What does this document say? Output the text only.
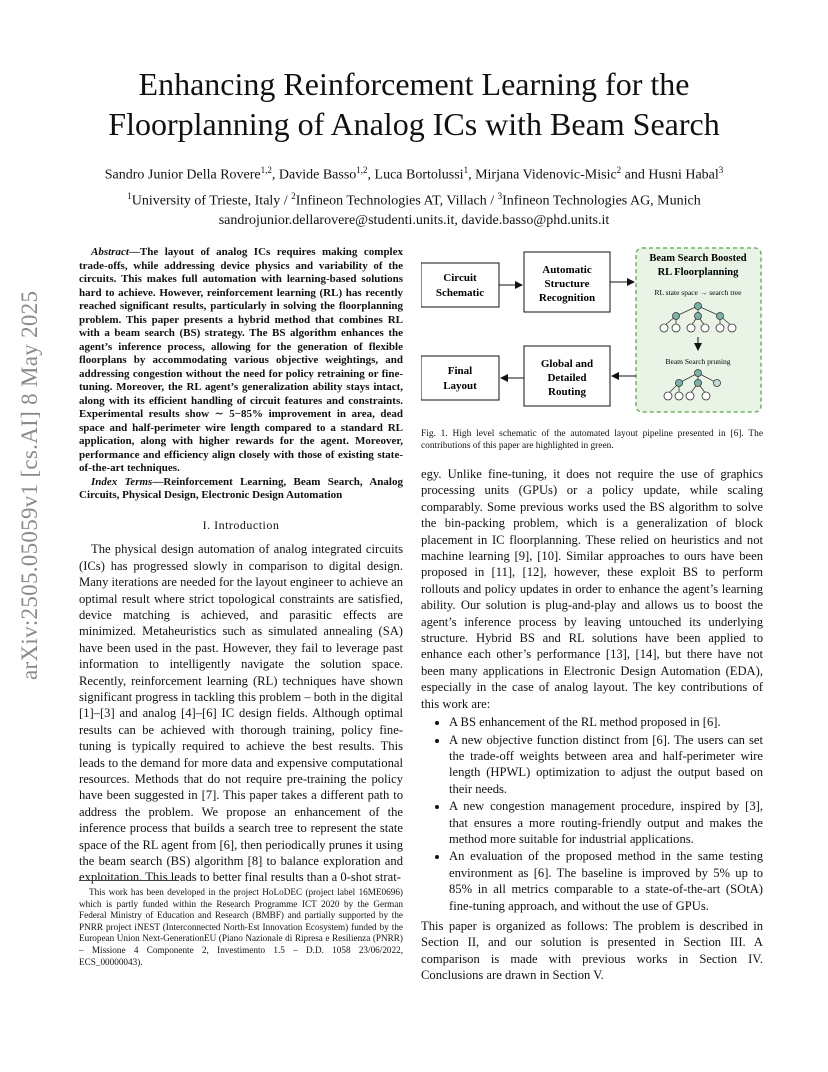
arXiv:2505.05059v1 [cs.AI] 8 May 2025
Enhancing Reinforcement Learning for the
Floorplanning of Analog ICs with Beam Search
Sandro Junior Della Rovere$^{1,2}$, Davide Basso$^{1,2}$, Luca Bortolussi$^1$, Mirjana Videnovic-Misic$^2$ and Husni Habal$^3$
$^1$University of Trieste, Italy / $^2$Infineon Technologies AT, Villach / $^3$Infineon Technologies AG, Munich
sandrojunior.dellarovere@studenti.units.it, davide.basso@phd.units.it

Abstract—The layout of analog ICs requires making complex trade-offs, while addressing device physics and variability of the circuits. This makes full automation with learning-based solutions hard to achieve. However, reinforcement learning (RL) has recently reached significant results, particularly in solving the floorplanning problem. This paper presents a hybrid method that combines RL with a beam search (BS) strategy. The BS algorithm enhances the agent’s inference process, allowing for the generation of flexible floorplans by accommodating various objective weightings, and addressing congestion without the need for policy retraining or fine-tuning. Moreover, the RL agent’s generalization ability stays intact, along with its efficient handling of circuit features and constraints. Experimental results show ∼ 5−85% improvement in area, dead space and half-perimeter wire length compared to a standard RL application, along with higher rewards for the agent. Moreover, performance and efficiency align closely with those of existing state-of-the-art techniques.

Index Terms—Reinforcement Learning, Beam Search, Analog Circuits, Physical Design, Electronic Design Automation

I. Introduction

The physical design automation of analog integrated circuits (ICs) has progressed slowly in comparison to digital design. Many iterations are needed for the layout engineer to achieve an optimal result where strict topological constraints are satisfied, device matching is achieved, and parasitic effects are minimized. Metaheuristics such as simulated annealing (SA) have been used in the past. However, they fail to leverage past information to intelligently navigate the solution space. Recently, reinforcement learning (RL) techniques have shown significant progress in tackling this problem – both in the digital [1]–[3] and analog [4]–[6] IC design fields. Although optimal results can be achieved with thorough training, policy fine-tuning is typically required to achieve the best results. This leads to the demand for more data and expensive computational resources. Methods that do not require pre-training the policy have been suggested in [7]. This paper takes a different path to address the problem. We propose an enhancement of the inference process that builds a search tree to represent the state space of the RL agent from [6], then periodically prunes it using the beam search (BS) algorithm [8] to balance exploration and exploitation. This leads to better final results than a 0-shot strat-

This work has been developed in the project HoLoDEC (project label 16ME0696) which is partly funded within the Research Programme ICT 2020 by the German Federal Ministry of Education and Research (BMBF) and partially supported by the PNRR project iNEST (Interconnected North-Est Innovation Ecosystem) funded by the European Union Next-GenerationEU (Piano Nazionale di Ripresa e Resilienza (PNRR) – Missione 4 Componente 2, Investimento 1.5 – D.D. 1058 23/06/2022, ECS_00000043).
Circuit
Schematic
Automatic
Structure
Recognition
Beam Search Boosted
RL Floorplanning
RL state space → search tree
Beam Search pruning
Final
Layout
Global and
Detailed
Routing
Fig. 1. High level schematic of the automated layout pipeline presented in [6]. The contributions of this paper are highlighted in green.

egy. Unlike fine-tuning, it does not require the use of graphics processing units (GPUs) or a policy update, while scaling comparably. Some previous works used the BS algorithm to solve the bin-packing problem, which is a generalization of block placement in IC floorplanning. These relied on heuristics and not machine learning [9], [10]. Similar approaches to ours have been proposed in [11], [12], however, these exploit BS to perform rollouts and policy updates in order to enhance the agent’s learning ability. Our solution is plug-and-play and allows us to boost the agent’s inference process by leaving untouched its underlying structure. Hybrid BS and RL solutions have been applied to enhance each other’s performance [13], [14], but there have not been many applications in Electronic Design Automation (EDA), especially in the case of analog layout. The key contributions of this work are:

• A BS enhancement of the RL method proposed in [6].
• A new objective function distinct from [6]. The users can set the trade-off weights between area and half-perimeter wire length (HPWL) optimization to adjust the output based on their needs.
• A new congestion management procedure, inspired by [3], that ensures a more routing-friendly output and makes the method more suitable for industrial applications.
• An evaluation of the proposed method in the same testing environment as [6]. The baseline is improved by 5% up to 85% in all metrics comparable to a state-of-the-art (SOtA) fine-tuning approach, and without the use of GPUs.

This paper is organized as follows: The problem is described in Section II, and our solution is presented in Section III. A comparison is made with previous works in Section IV. Conclusions are drawn in Section V.
